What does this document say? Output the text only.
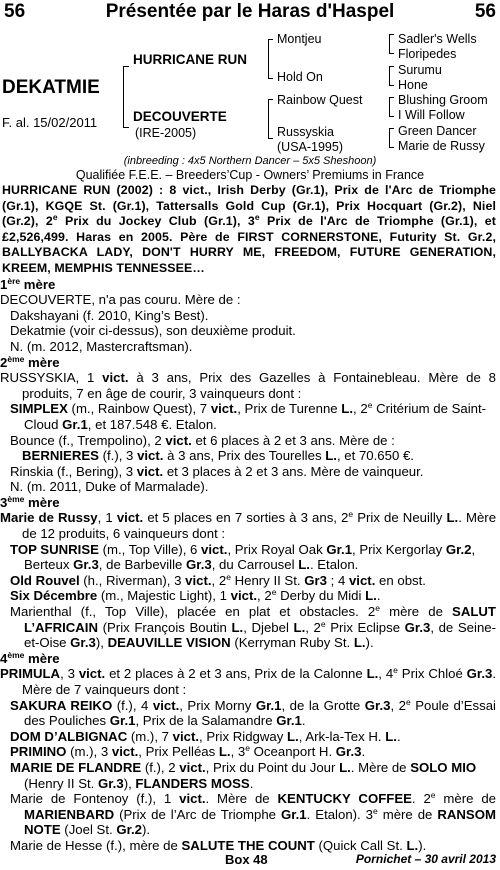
56	Présentée par le Haras d'Haspel	56
DEKATMIE
F. al. 15/02/2011
HURRICANE RUN
DECOUVERTE
(IRE-2005)
Montjeu
Hold On
Rainbow Quest
Russyskia
(USA-1995)
Sadler's Wells
Floripedes
Surumu
Hone
Blushing Groom
I Will Follow
Green Dancer
Marie de Russy
(inbreeding : 4x5 Northern Dancer – 5x5 Sheshoon)
Qualifiée F.E.E. – Breeders’Cup - Owners’ Premiums in France

HURRICANE RUN (2002) : 8 vict., Irish Derby (Gr.1), Prix de l'Arc de Triomphe (Gr.1), KGQE St. (Gr.1), Tattersalls Gold Cup (Gr.1), Prix Hocquart (Gr.2), Niel (Gr.2), 2e Prix du Jockey Club (Gr.1), 3e Prix de l'Arc de Triomphe (Gr.1), et £2,526,499. Haras en 2005. Père de FIRST CORNERSTONE, Futurity St. Gr.2, BALLYBACKA LADY, DON'T HURRY ME, FREEDOM, FUTURE GENERATION, KREEM, MEMPHIS TENNESSEE…

1ère mère

DECOUVERTE, n'a pas couru. Mère de :

Dakshayani (f. 2010, King’s Best).

Dekatmie (voir ci-dessus), son deuxième produit.

N. (m. 2012, Mastercraftsman).

2ème mère

RUSSYSKIA, 1 vict. à 3 ans, Prix des Gazelles à Fontainebleau. Mère de 8 produits, 7 en âge de courir, 3 vainqueurs dont :

SIMPLEX (m., Rainbow Quest), 7 vict., Prix de Turenne L., 2e Critérium de Saint-Cloud Gr.1, et 187.548 €. Etalon.

Bounce (f., Trempolino), 2 vict. et 6 places à 2 et 3 ans. Mère de :

BERNIERES (f.), 3 vict. à 3 ans, Prix des Tourelles L., et 70.650 €.

Rinskia (f., Bering), 3 vict. et 3 places à 2 et 3 ans. Mère de vainqueur.

N. (m. 2011, Duke of Marmalade).

3ème mère

Marie de Russy, 1 vict. et 5 places en 7 sorties à 3 ans, 2e Prix de Neuilly L.. Mère de 12 produits, 6 vainqueurs dont :

TOP SUNRISE (m., Top Ville), 6 vict., Prix Royal Oak Gr.1, Prix Kergorlay Gr.2, Berteux Gr.3, de Barbeville Gr.3, du Carrousel L.. Etalon.

Old Rouvel (h., Riverman), 3 vict., 2e Henry II St. Gr3 ; 4 vict. en obst.

Six Décembre (m., Majestic Light), 1 vict., 2e Derby du Midi L..

Marienthal (f., Top Ville), placée en plat et obstacles. 2e mère de SALUT L’AFRICAIN (Prix François Boutin L., Djebel L., 2e Prix Eclipse Gr.3, de Seine-et-Oise Gr.3), DEAUVILLE VISION (Kerryman Ruby St. L.).

4ème mère

PRIMULA, 3 vict. et 2 places à 2 et 3 ans, Prix de la Calonne L., 4e Prix Chloé Gr.3. Mère de 7 vainqueurs dont :

SAKURA REIKO (f.), 4 vict., Prix Morny Gr.1, de la Grotte Gr.3, 2e Poule d’Essai des Pouliches Gr.1, Prix de la Salamandre Gr.1.

DOM D’ALBIGNAC (m.), 7 vict., Prix Ridgway L., Ark-la-Tex H. L..

PRIMINO (m.), 3 vict., Prix Pelléas L., 3e Oceanport H. Gr.3.

MARIE DE FLANDRE (f.), 2 vict., Prix du Point du Jour L.. Mère de SOLO MIO (Henry II St. Gr.3), FLANDERS MOSS.

Marie de Fontenoy (f.), 1 vict.. Mère de KENTUCKY COFFEE. 2e mère de MARIENBARD (Prix de l’Arc de Triomphe Gr.1. Etalon). 3e mère de RANSOM NOTE (Joel St. Gr.2).

Marie de Hesse (f.), mère de SALUTE THE COUNT (Quick Call St. L.).

Box 48	Pornichet – 30 avril 2013
